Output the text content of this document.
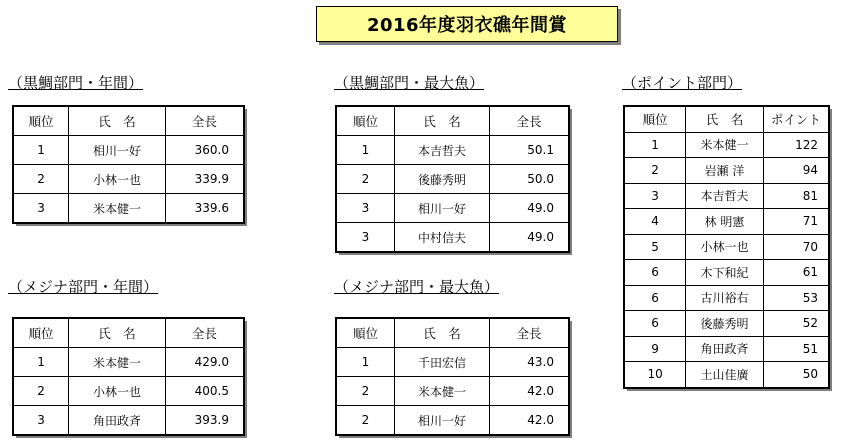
2016年度羽衣礁年間賞
（黒鯛部門・年間）	（黒鯛部門・最大魚）	（ポイント部門）
（メジナ部門・年間）	（メジナ部門・最大魚）
順位	氏　名	全長
1	相川一好	360.0
2	小林一也	339.9
3	米本健一	339.6
順位	氏　名	全長
1	本吉哲夫	50.1
2	後藤秀明	50.0
3	相川一好	49.0
3	中村信夫	49.0
順位	氏　名	ポイント
1	米本健一	122
2	岩瀬 洋	94
3	本吉哲夫	81
4	林 明憲	71
5	小林一也	70
6	木下和紀	61
6	古川裕右	53
6	後藤秀明	52
9	角田政斉	51
10	土山佳廣	50
順位	氏　名	全長
1	米本健一	429.0
2	小林一也	400.5
3	角田政斉	393.9
順位	氏　名	全長
1	千田宏信	43.0
2	米本健一	42.0
2	相川一好	42.0
